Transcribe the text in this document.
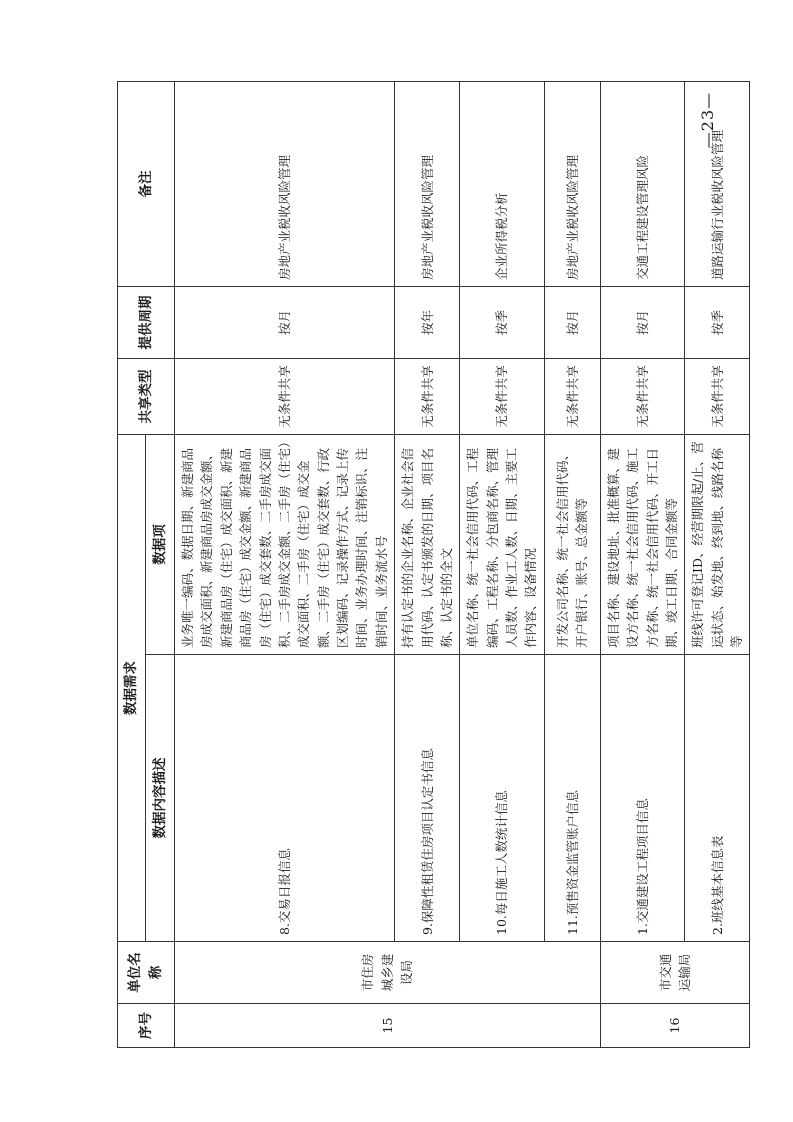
序号	单位名称	数据需求		共享类型	提供周期	备注
		数据内容描述	数据项			
15	市住房城乡建设局	8.交易日报信息	业务唯一编码、数据日期、新建商品房成交面积、新建商品房成交金额、新建商品房（住宅）成交面积、新建商品房（住宅）成交金额、新建商品房（住宅）成交套数、二手房成交面积、二手房成交金额、二手房（住宅）成交面积、二手房（住宅）成交金额、二手房（住宅）成交套数、行政区划编码、记录操作方式、记录上传时间、业务办理时间、注销标识、注销时间、业务流水号	无条件共享	按月	房地产业税收风险管理
		9.保障性租赁住房项目认定书信息	持有认定书的企业名称、企业社会信用代码、认定书颁发的日期、项目名称、认定书的全文	无条件共享	按年	房地产业税收风险管理
		10.每日施工人数统计信息	单位名称、统一社会信用代码、工程编码、工程名称、分包商名称、管理人员数、作业工人数、日期、主要工作内容、设备情况	无条件共享	按季	企业所得税分析
		11.预售资金监管账户信息	开发公司名称、统一社会信用代码、开户银行、账号、总金额等	无条件共享	按月	房地产业税收风险管理
16	市交通运输局	1.交通建设工程项目信息	项目名称、建设地址、批准概算、建设方名称、统一社会信用代码、施工方名称、统一社会信用代码、开工日期、竣工日期、合同金额等	无条件共享	按月	交通工程建设管理风险
		2.班线基本信息表	班线许可登记ID、经营期限起/止、营运状态、始发地、终到地、线路名称等	无条件共享	按季	道路运输行业税收风险管理
—23—
